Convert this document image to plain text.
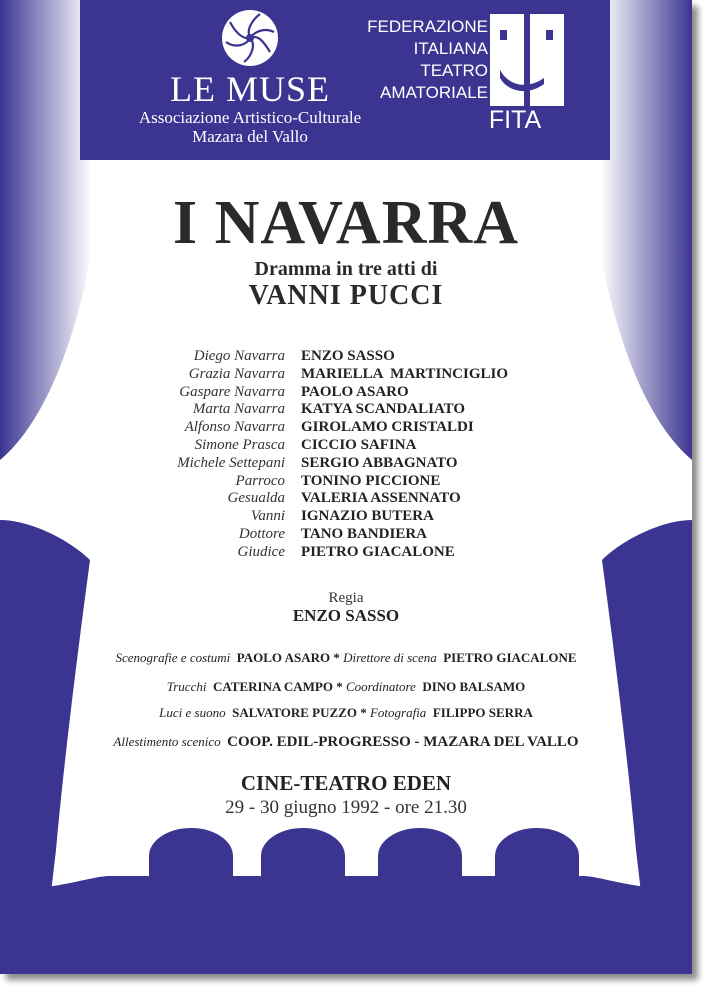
LE MUSE
Associazione Artistico-Culturale
Mazara del Vallo
FEDERAZIONE
ITALIANA
TEATRO
AMATORIALE
FITA
I NAVARRA
Dramma in tre atti di
VANNI PUCCI
Diego Navarra ENZO SASSO
Grazia Navarra MARIELLA  MARTINCIGLIO
Gaspare Navarra PAOLO ASARO
Marta Navarra KATYA SCANDALIATO
Alfonso Navarra GIROLAMO CRISTALDI
Simone Prasca CICCIO SAFINA
Michele Settepani SERGIO ABBAGNATO
Parroco TONINO PICCIONE
Gesualda VALERIA ASSENNATO
Vanni IGNAZIO BUTERA
Dottore TANO BANDIERA
Giudice PIETRO GIACALONE
Regia
ENZO SASSO
Scenografie e costumi PAOLO ASARO * Direttore di scena PIETRO GIACALONE
Trucchi CATERINA CAMPO * Coordinatore DINO BALSAMO
Luci e suono SALVATORE PUZZO * Fotografia FILIPPO SERRA
Allestimento scenico COOP. EDIL-PROGRESSO - MAZARA DEL VALLO
CINE-TEATRO EDEN
29 - 30 giugno 1992 - ore 21.30
